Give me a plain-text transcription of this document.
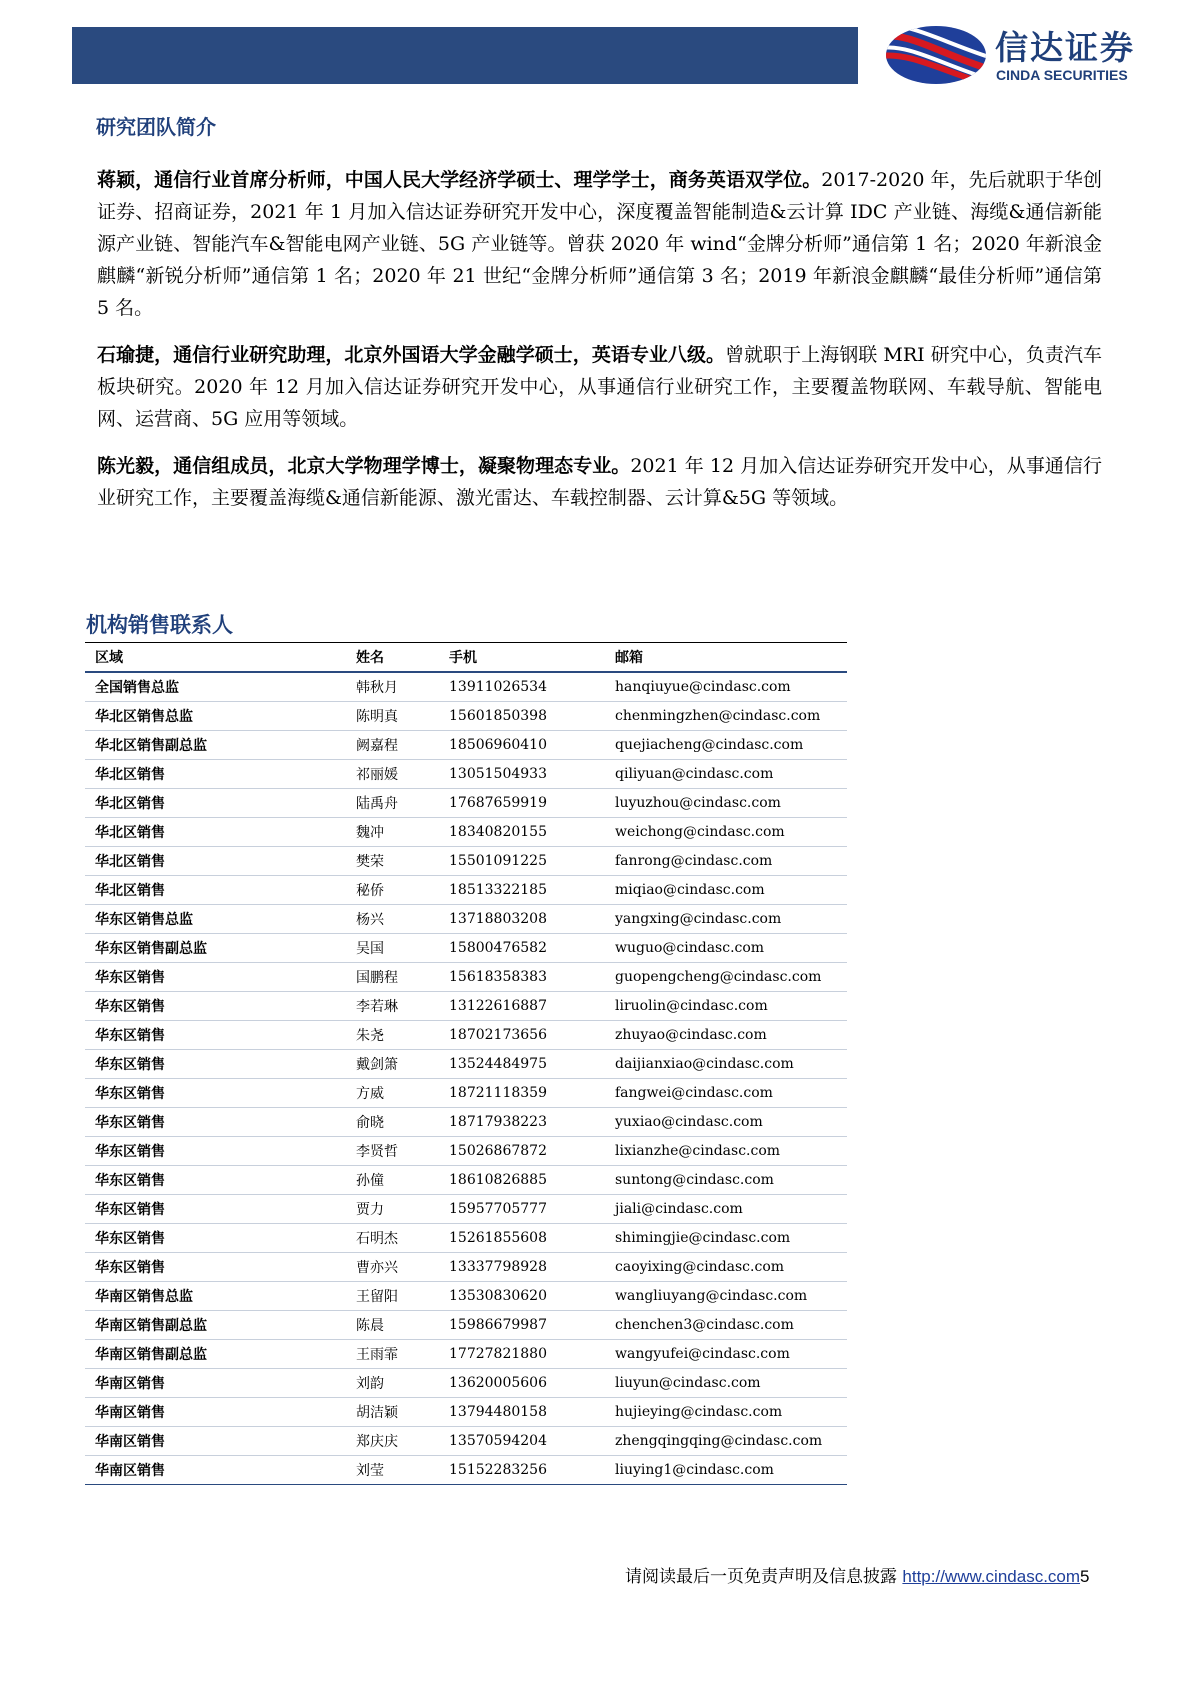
信达证券
CINDA SECURITIES
研究团队简介

蒋颖，通信行业首席分析师，中国人民大学经济学硕士、理学学士，商务英语双学位。2017-2020 年，先后就职于华创证券、招商证券，2021 年 1 月加入信达证券研究开发中心，深度覆盖智能制造&云计算 IDC 产业链、海缆&通信新能源产业链、智能汽车&智能电网产业链、5G 产业链等。曾获 2020 年 wind“金牌分析师”通信第 1 名；2020 年新浪金麒麟“新锐分析师”通信第 1 名；2020 年 21 世纪“金牌分析师”通信第 3 名；2019 年新浪金麒麟“最佳分析师”通信第 5 名。

石瑜捷，通信行业研究助理，北京外国语大学金融学硕士，英语专业八级。曾就职于上海钢联 MRI 研究中心，负责汽车板块研究。2020 年 12 月加入信达证券研究开发中心，从事通信行业研究工作，主要覆盖物联网、车载导航、智能电网、运营商、5G 应用等领域。

陈光毅，通信组成员，北京大学物理学博士，凝聚物理态专业。2021 年 12 月加入信达证券研究开发中心，从事通信行业研究工作，主要覆盖海缆&通信新能源、激光雷达、车载控制器、云计算&5G 等领域。

机构销售联系人
区域	姓名	手机	邮箱
全国销售总监	韩秋月	13911026534	hanqiuyue@cindasc.com
华北区销售总监	陈明真	15601850398	chenmingzhen@cindasc.com
华北区销售副总监	阙嘉程	18506960410	quejiacheng@cindasc.com
华北区销售	祁丽媛	13051504933	qiliyuan@cindasc.com
华北区销售	陆禹舟	17687659919	luyuzhou@cindasc.com
华北区销售	魏冲	18340820155	weichong@cindasc.com
华北区销售	樊荣	15501091225	fanrong@cindasc.com
华北区销售	秘侨	18513322185	miqiao@cindasc.com
华东区销售总监	杨兴	13718803208	yangxing@cindasc.com
华东区销售副总监	吴国	15800476582	wuguo@cindasc.com
华东区销售	国鹏程	15618358383	guopengcheng@cindasc.com
华东区销售	李若琳	13122616887	liruolin@cindasc.com
华东区销售	朱尧	18702173656	zhuyao@cindasc.com
华东区销售	戴剑箫	13524484975	daijianxiao@cindasc.com
华东区销售	方威	18721118359	fangwei@cindasc.com
华东区销售	俞晓	18717938223	yuxiao@cindasc.com
华东区销售	李贤哲	15026867872	lixianzhe@cindasc.com
华东区销售	孙僮	18610826885	suntong@cindasc.com
华东区销售	贾力	15957705777	jiali@cindasc.com
华东区销售	石明杰	15261855608	shimingjie@cindasc.com
华东区销售	曹亦兴	13337798928	caoyixing@cindasc.com
华南区销售总监	王留阳	13530830620	wangliuyang@cindasc.com
华南区销售副总监	陈晨	15986679987	chenchen3@cindasc.com
华南区销售副总监	王雨霏	17727821880	wangyufei@cindasc.com
华南区销售	刘韵	13620005606	liuyun@cindasc.com
华南区销售	胡洁颖	13794480158	hujieying@cindasc.com
华南区销售	郑庆庆	13570594204	zhengqingqing@cindasc.com
华南区销售	刘莹	15152283256	liuying1@cindasc.com
请阅读最后一页免责声明及信息披露 http://www.cindasc.com5
